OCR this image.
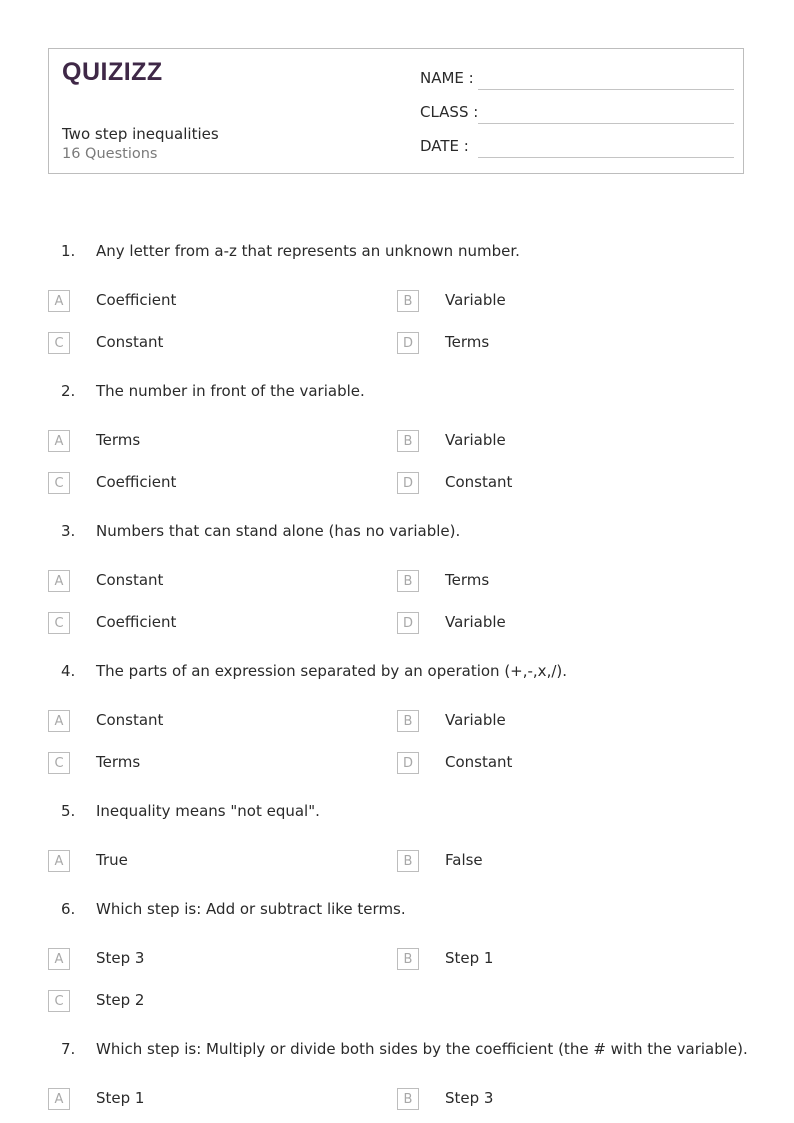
QUIZIZZ
Two step inequalities
16 Questions
NAME :
CLASS :
DATE :
1. Any letter from a-z that represents an unknown number.
A	Coefficient	B	Variable
C	Constant	D	Terms
2. The number in front of the variable.
A	Terms	B	Variable
C	Coefficient	D	Constant
3. Numbers that can stand alone (has no variable).
A	Constant	B	Terms
C	Coefficient	D	Variable
4. The parts of an expression separated by an operation (+,-,x,/).
A	Constant	B	Variable
C	Terms	D	Constant
5. Inequality means "not equal".
A	True	B	False
6. Which step is: Add or subtract like terms.
A	Step 3	B	Step 1
C	Step 2
7. Which step is: Multiply or divide both sides by the coefficient (the # with the variable).
A	Step 1	B	Step 3
